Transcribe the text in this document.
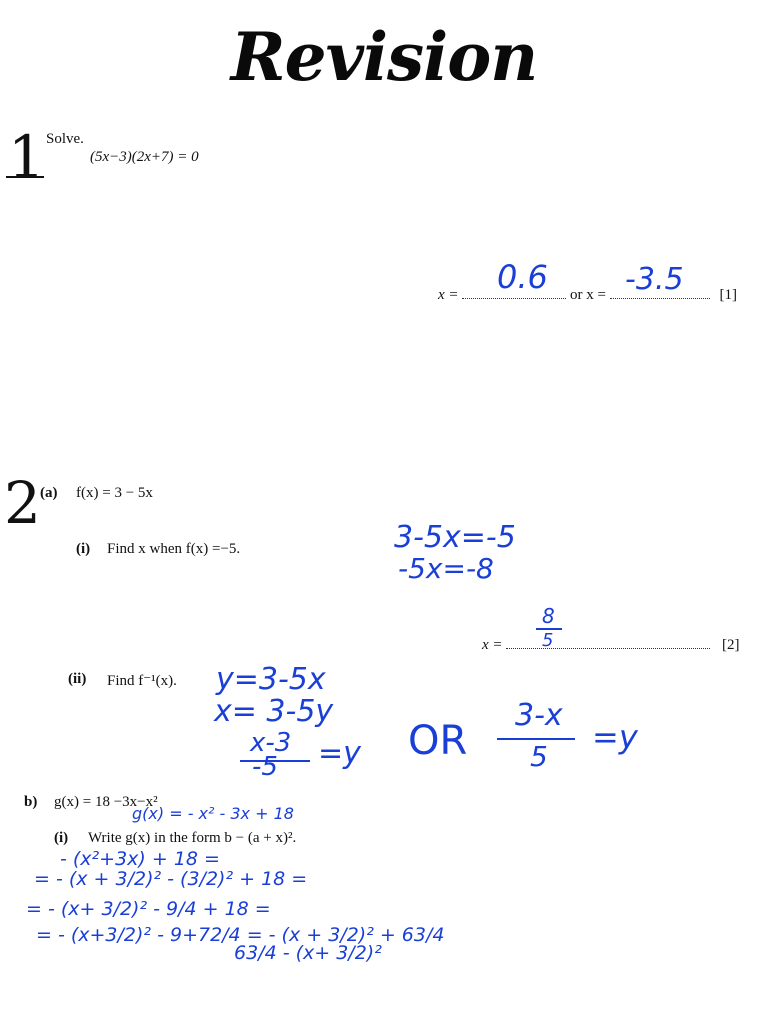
Revision
1 Solve.
(5x−3)(2x+7) = 0
x =	or x =	[1]
0.6	-3.5
2 (a) f(x) = 3 − 5x
(i) Find x when f(x) =−5.	3-5x=-5
-5x=-8
x =	[2]
8
5
(ii) Find f⁻¹(x). y=3-5x
x= 3-5y
x-3
-5 =y OR
3-x
5
=y
b) g(x) = 18 −3x−x²
g(x) = - x² - 3x + 18
(i) Write g(x) in the form b − (a + x)².
- (x²+3x) + 18 =
= - (x + 3/2)² - (3/2)² + 18 =
= - (x+ 3/2)² - 9/4 + 18 =
= - (x+3/2)² - 9+72/4 = - (x + 3/2)² + 63/4
63/4 - (x+ 3/2)²
